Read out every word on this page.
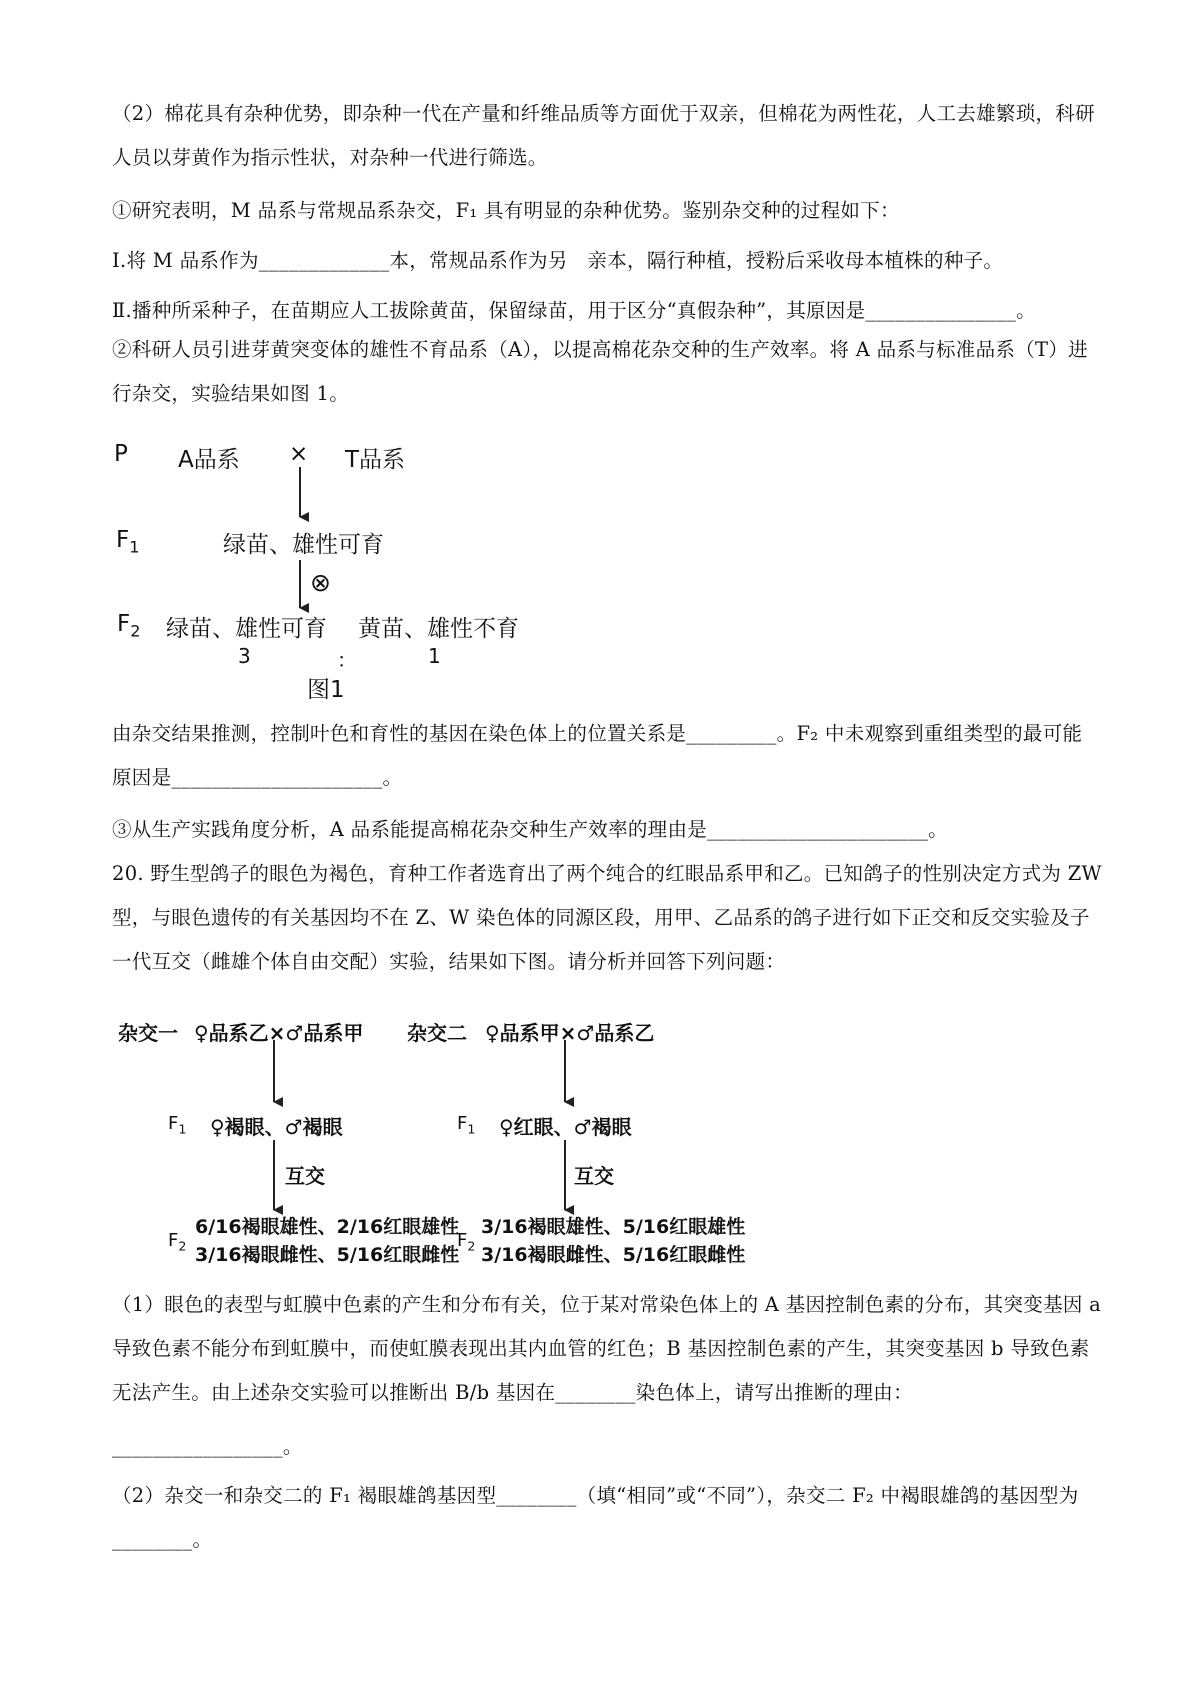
（2）棉花具有杂种优势，即杂种一代在产量和纤维品质等方面优于双亲，但棉花为两性花，人工去雄繁琐，科研人员以芽黄作为指示性状，对杂种一代进行筛选。

①研究表明，M 品系与常规品系杂交，F₁ 具有明显的杂种优势。鉴别杂交种的过程如下：
Ⅰ.将 M 品系作为_____________本，常规品系作为另　亲本，隔行种植，授粉后采收母本植株的种子。
Ⅱ.播种所采种子，在苗期应人工拔除黄苗，保留绿苗，用于区分“真假杂种”，其原因是_______________。

②科研人员引进芽黄突变体的雄性不育品系（A），以提高棉花杂交种的生产效率。将 A 品系与标准品系（T）进行杂交，实验结果如图 1。

P A品系 × T品系
$F_1$	绿苗、雄性可育
⊗
$F_2$ 绿苗、雄性可育 黄苗、雄性不育
3	：	1
图1

由杂交结果推测，控制叶色和育性的基因在染色体上的位置关系是_________。F₂ 中未观察到重组类型的最可能原因是_____________________。

③从生产实践角度分析，A 品系能提高棉花杂交种生产效率的理由是______________________。

20. 野生型鸽子的眼色为褐色，育种工作者选育出了两个纯合的红眼品系甲和乙。已知鸽子的性别决定方式为 ZW 型，与眼色遗传的有关基因均不在 Z、W 染色体的同源区段，用甲、乙品系的鸽子进行如下正交和反交实验及子一代互交（雌雄个体自由交配）实验，结果如下图。请分析并回答下列问题：

杂交一 ♀品系乙×♂品系甲 杂交二 ♀品系甲×♂品系乙
$F_1$ ♀褐眼、♂褐眼	$F_1$ ♀红眼、♂褐眼
互交	互交
$F_2$
6/16褐眼雄性、2/16红眼雄性
3/16褐眼雌性、5/16红眼雌性
$F_2$
3/16褐眼雄性、5/16红眼雄性
3/16褐眼雌性、5/16红眼雌性

（1）眼色的表型与虹膜中色素的产生和分布有关，位于某对常染色体上的 A 基因控制色素的分布，其突变基因 a 导致色素不能分布到虹膜中，而使虹膜表现出其内血管的红色；B 基因控制色素的产生，其突变基因 b 导致色素无法产生。由上述杂交实验可以推断出 B/b 基因在________染色体上，请写出推断的理由：

_________________。

（2）杂交一和杂交二的 F₁ 褐眼雄鸽基因型________（填“相同”或“不同”），杂交二 F₂ 中褐眼雄鸽的基因型为________。
